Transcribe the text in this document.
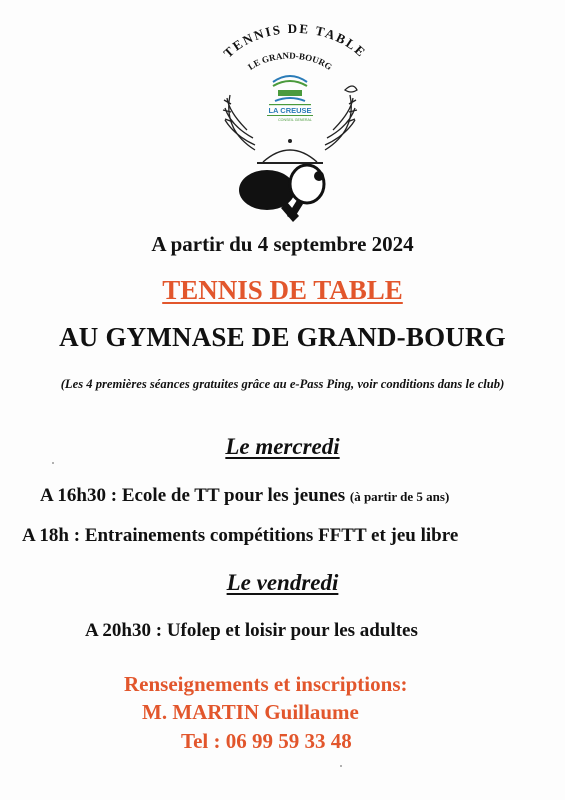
TENNIS DE TABLE
LE GRAND-BOURG
LA CREUSE
CONSEIL GENERAL
A partir du 4 septembre 2024
TENNIS DE TABLE
AU GYMNASE DE GRAND-BOURG
(Les 4 premières séances gratuites grâce au e-Pass Ping, voir conditions dans le club)
Le mercredi
A 16h30 : Ecole de TT pour les jeunes (à partir de 5 ans)
A 18h : Entrainements compétitions FFTT et jeu libre
Le vendredi
A 20h30 : Ufolep et loisir pour les adultes
Renseignements et inscriptions:
M. MARTIN Guillaume
Tel : 06 99 59 33 48
